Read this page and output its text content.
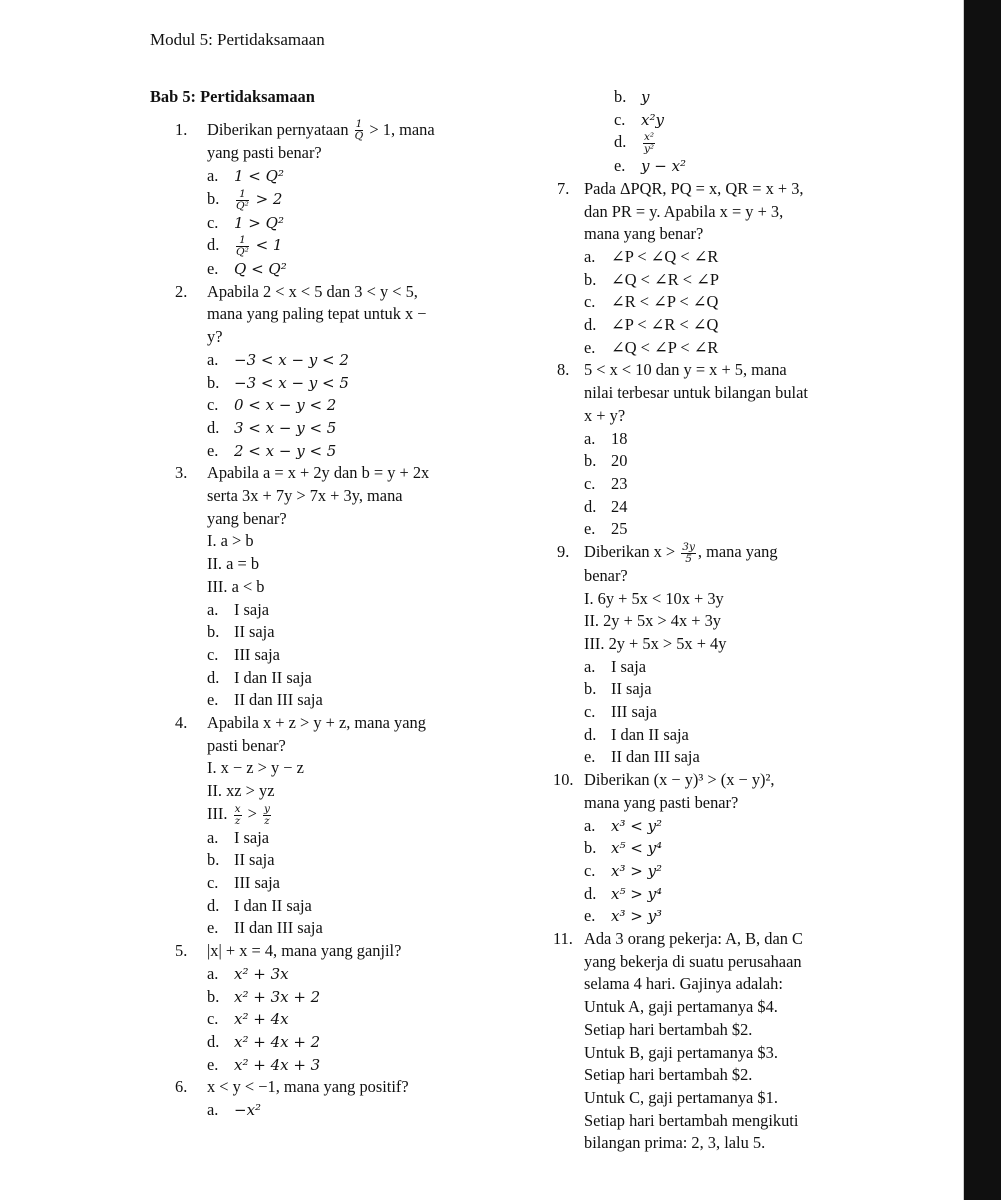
Modul 5: Pertidaksamaan
Bab 5: Pertidaksamaan
1. Diberikan pernyataan $\frac{1}{Q} > 1$, mana
yang pasti benar?
a. 1 < Q²
b. $\frac{1}{\text{Q²}} > 2$
c. 1 > Q²
d. $\frac{1}{\text{Q²}} < 1$
e. Q < Q²
2. Apabila 2 < x < 5 dan 3 < y < 5,
mana yang paling tepat untuk x −
y?
a. −3 < x − y < 2
b. −3 < x − y < 5
c. 0 < x − y < 2
d. 3 < x − y < 5
e. 2 < x − y < 5
3. Apabila a = x + 2y dan b = y + 2x
serta 3x + 7y > 7x + 3y, mana
yang benar?
I. a > b
II. a = b
III. a < b
a. I saja
b. II saja
c. III saja
d. I dan II saja
e. II dan III saja
4. Apabila x + z > y + z, mana yang
pasti benar?
I. x − z > y − z
II. xz > yz
III. $\frac{x}{z} > \frac{y}{z}$
a. I saja
b. II saja
c. III saja
d. I dan II saja
e. II dan III saja
5. |x| + x = 4, mana yang ganjil?
a. x² + 3x
b. x² + 3x + 2
c. x² + 4x
d. x² + 4x + 2
e. x² + 4x + 3
6. x < y < −1, mana yang positif?
a. −x²
b. y
c. x²y
d. $\frac{\text{x²}}{\text{y²}}$
e. y − x²
7. Pada ΔPQR, PQ = x, QR = x + 3,
dan PR = y. Apabila x = y + 3,
mana yang benar?
a. ∠P < ∠Q < ∠R
b. ∠Q < ∠R < ∠P
c. ∠R < ∠P < ∠Q
d. ∠P < ∠R < ∠Q
e. ∠Q < ∠P < ∠R
8. 5 < x < 10 dan y = x + 5, mana
nilai terbesar untuk bilangan bulat
x + y?
a. 18
b. 20
c. 23
d. 24
e. 25
9. Diberikan $x > \frac{3y}{5}$ , mana yang
benar?
I. 6y + 5x < 10x + 3y
II. 2y + 5x > 4x + 3y
III. 2y + 5x > 5x + 4y
a. I saja
b. II saja
c. III saja
d. I dan II saja
e. II dan III saja
10. Diberikan (x − y)³ > (x − y)²,
mana yang pasti benar?
a. x³ < y²
b. x⁵ < y⁴
c. x³ > y²
d. x⁵ > y⁴
e. x³ > y³
11. Ada 3 orang pekerja: A, B, dan C
yang bekerja di suatu perusahaan
selama 4 hari. Gajinya adalah:
Untuk A, gaji pertamanya $4.
Setiap hari bertambah $2.
Untuk B, gaji pertamanya $3.
Setiap hari bertambah $2.
Untuk C, gaji pertamanya $1.
Setiap hari bertambah mengikuti
bilangan prima: 2, 3, lalu 5.
